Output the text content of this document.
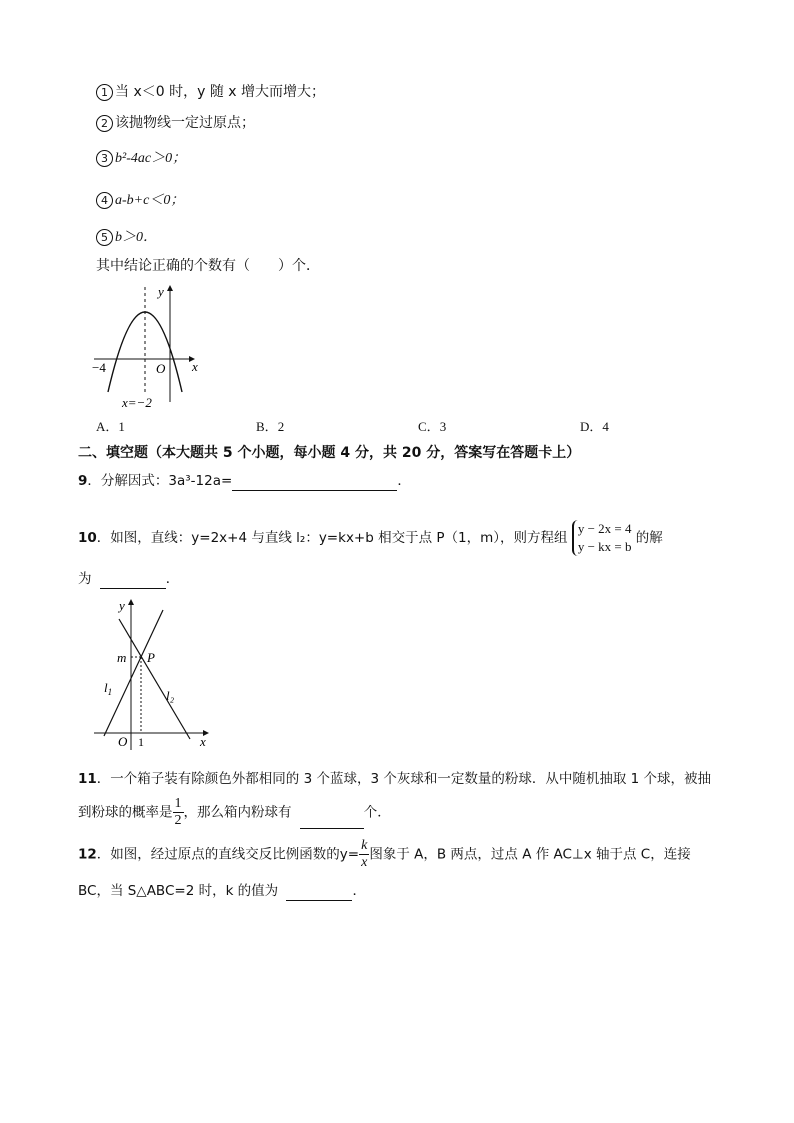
1 当 x＜0 时，y 随 x 增大而增大；
2 该抛物线一定过原点；
3 b²-4ac＞0；
4 a-b+c＜0；
5 b＞0．
其中结论正确的个数有（　　）个．
y
x
O
−4
x=−2
A．1	B．2	C．3	D．4
二、填空题（本大题共 5 个小题，每小题 4 分，共 20 分，答案写在答题卡上）
9．分解因式：3a³-12a=	．
10．如图，直线：y=2x+4 与直线 l₂：y=kx+b 相交于点 P（1，m），则方程组
y − 2x = 4
y − kx = b
的解
为	．
y
x
O 1
m P
$l_1$	l₂
11．一个箱子装有除颜色外都相同的 3 个蓝球，3 个灰球和一定数量的粉球．从中随机抽取 1 个球，被抽
到粉球的概率是 $\frac{1}{2}$ ，那么箱内粉球有	个．
12．如图，经过原点的直线交反比例函数的$y= \frac{k}{x}$ 图象于 A，B 两点，过点 A 作 AC⊥x 轴于点 C，连接
BC，当 S△ABC=2 时，k 的值为	．
